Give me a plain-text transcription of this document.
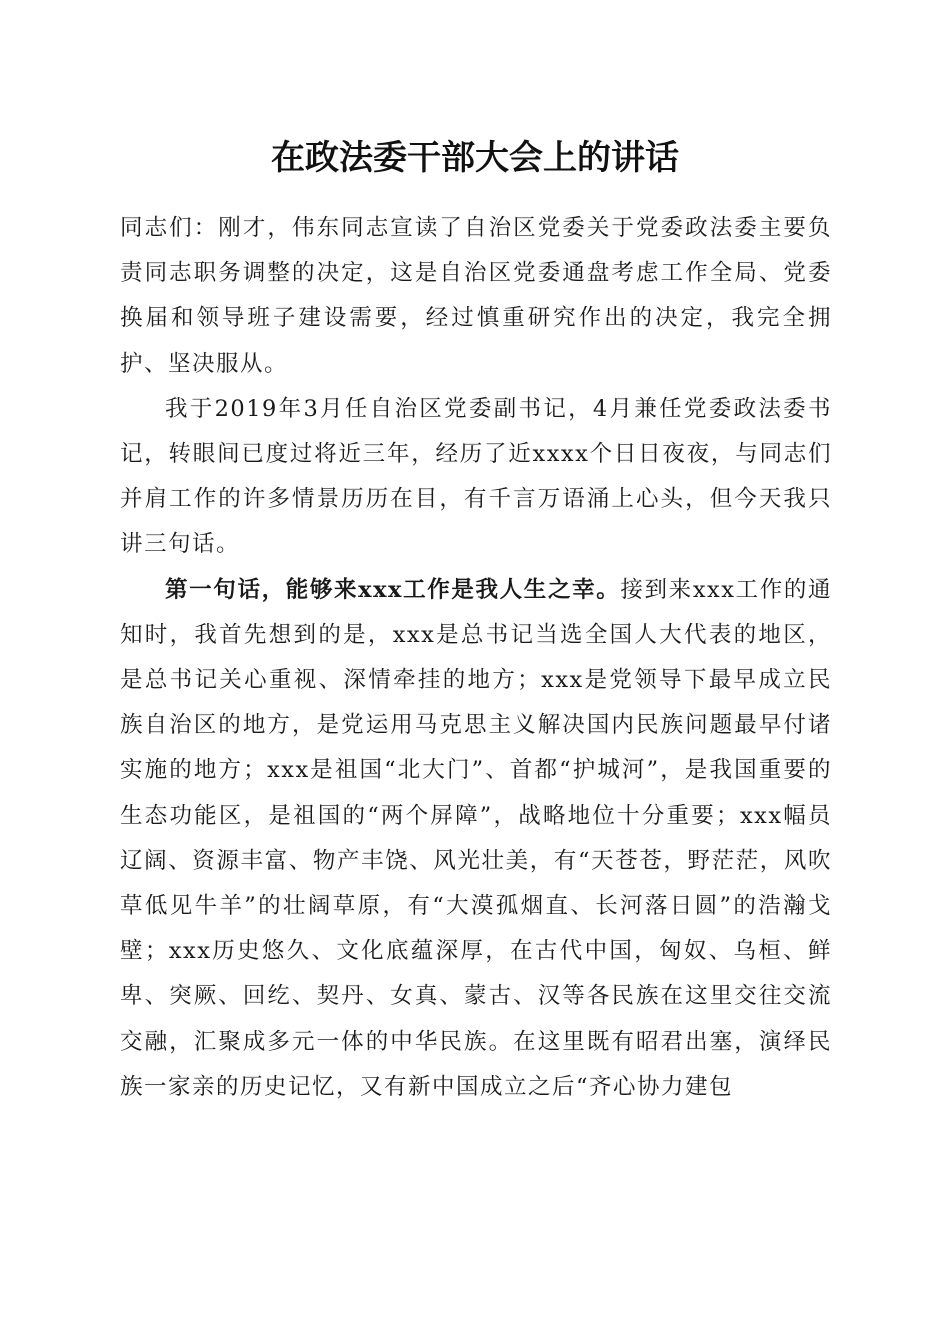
在政法委干部大会上的讲话

同志们：刚才，伟东同志宣读了自治区党委关于党委政法委主要负责同志职务调整的决定，这是自治区党委通盘考虑工作全局、党委换届和领导班子建设需要，经过慎重研究作出的决定，我完全拥护、坚决服从。

我于2019年3月任自治区党委副书记，4月兼任党委政法委书记，转眼间已度过将近三年，经历了近xxxx个日日夜夜，与同志们并肩工作的许多情景历历在目，有千言万语涌上心头，但今天我只讲三句话。

第一句话，能够来xxx工作是我人生之幸。接到来xxx工作的通知时，我首先想到的是，xxx是总书记当选全国人大代表的地区，是总书记关心重视、深情牵挂的地方；xxx是党领导下最早成立民族自治区的地方，是党运用马克思主义解决国内民族问题最早付诸实施的地方；xxx是祖国“北大门”、首都“护城河”，是我国重要的生态功能区，是祖国的“两个屏障”，战略地位十分重要；xxx幅员辽阔、资源丰富、物产丰饶、风光壮美，有“天苍苍，野茫茫，风吹草低见牛羊”的壮阔草原，有“大漠孤烟直、长河落日圆”的浩瀚戈壁；xxx历史悠久、文化底蕴深厚，在古代中国，匈奴、乌桓、鲜卑、突厥、回纥、契丹、女真、蒙古、汉等各民族在这里交往交流交融，汇聚成多元一体的中华民族。在这里既有昭君出塞，演绎民族一家亲的历史记忆，又有新中国成立之后“齐心协力建包
